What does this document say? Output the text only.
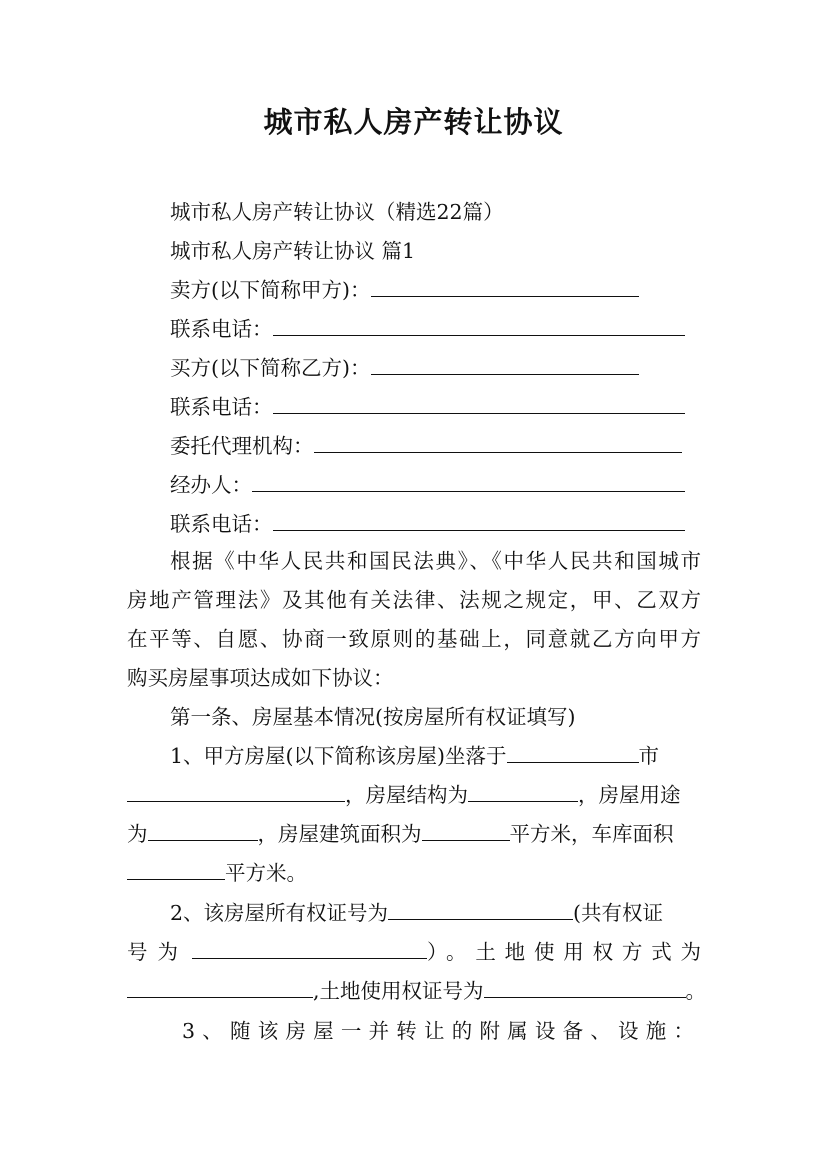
城市私人房产转让协议
城市私人房产转让协议（精选22篇）
城市私人房产转让协议 篇1
卖方(以下简称甲方)：
联系电话：
买方(以下简称乙方)：
联系电话：
委托代理机构：
经办人：
联系电话：
根据《中华人民共和国民法典》、《中华人民共和国城市
房地产管理法》及其他有关法律、法规之规定，甲、乙双方
在平等、自愿、协商一致原则的基础上，同意就乙方向甲方
购买房屋事项达成如下协议：
第一条、房屋基本情况(按房屋所有权证填写)
1、甲方房屋(以下简称该房屋)坐落于	市
，房屋结构为	，房屋用途
为	，房屋建筑面积为	平方米，车库面积
平方米。
2、该房屋所有权证号为	(共有权证
号为	）。土地使用权方式为
,土地使用权证号为	。
3、随该房屋一并转让的附属设备、设施：
